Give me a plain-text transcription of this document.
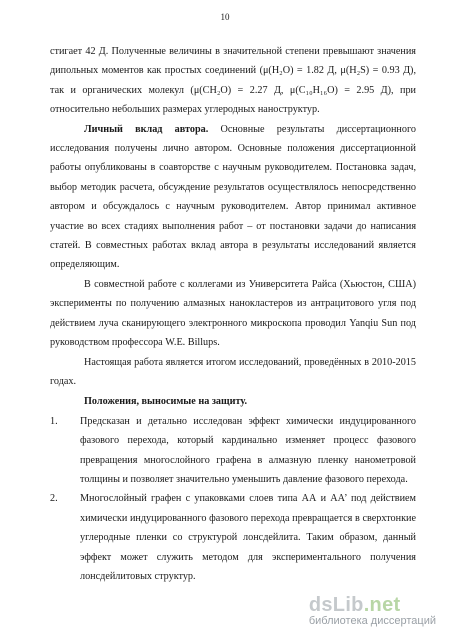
10

стигает 42 Д. Полученные величины в значительной степени превышают значения дипольных моментов как простых соединений (μ(H₂O) = 1.82 Д, μ(H₂S) = 0.93 Д), так и органических молекул (μ(CH₂O) = 2.27 Д, μ(C₁₀H₁₆O) = 2.95 Д), при относительно небольших размерах углеродных наноструктур.

Личный вклад автора. Основные результаты диссертационного исследования получены лично автором. Основные положения диссертационной работы опубликованы в соавторстве с научным руководителем. Постановка задач, выбор методик расчета, обсуждение результатов осуществлялось непосредственно автором и обсуждалось с научным руководителем. Автор принимал активное участие во всех стадиях выполнения работ – от постановки задачи до написания статей. В совместных работах вклад автора в результаты исследований является определяющим.

В совместной работе с коллегами из Университета Райса (Хьюстон, США) эксперименты по получению алмазных нанокластеров из антрацитового угля под действием луча сканирующего электронного микроскопа проводил Yanqiu Sun под руководством профессора W.E. Billups.

Настоящая работа является итогом исследований, проведённых в 2010-2015 годах.

Положения, выносимые на защиту.

1.	Предсказан и детально исследован эффект химически индуцированного фазового перехода, который кардинально изменяет процесс фазового превращения многослойного графена в алмазную пленку нанометровой толщины и позволяет значительно уменьшить давление фазового перехода.
2.	Многослойный графен с упаковками слоев типа АА и АА’ под действием химически индуцированного фазового перехода превращается в сверхтонкие углеродные пленки со структурой лонсдейлита. Таким образом, данный эффект может служить методом для экспериментального получения лонсдейлитовых структур.
dsLib.net
библиотека диссертаций
